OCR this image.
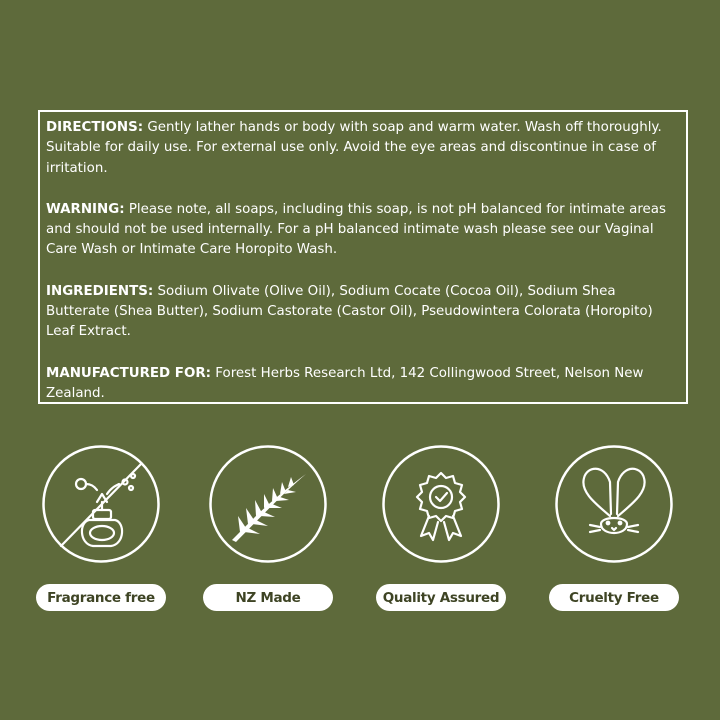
DIRECTIONS: Gently lather hands or body with soap and warm water. Wash off thoroughly. Suitable for daily use. For external use only. Avoid the eye areas and discontinue in case of irritation.

WARNING: Please note, all soaps, including this soap, is not pH balanced for intimate areas and should not be used internally. For a pH balanced intimate wash please see our Vaginal Care Wash or Intimate Care Horopito Wash.

INGREDIENTS: Sodium Olivate (Olive Oil), Sodium Cocate (Cocoa Oil), Sodium Shea Butterate (Shea Butter), Sodium Castorate (Castor Oil), Pseudowintera Colorata (Horopito) Leaf Extract.

MANUFACTURED FOR: Forest Herbs Research Ltd, 142 Collingwood Street, Nelson New Zealand.

Fragrance free	NZ Made	Quality Assured	Cruelty Free
